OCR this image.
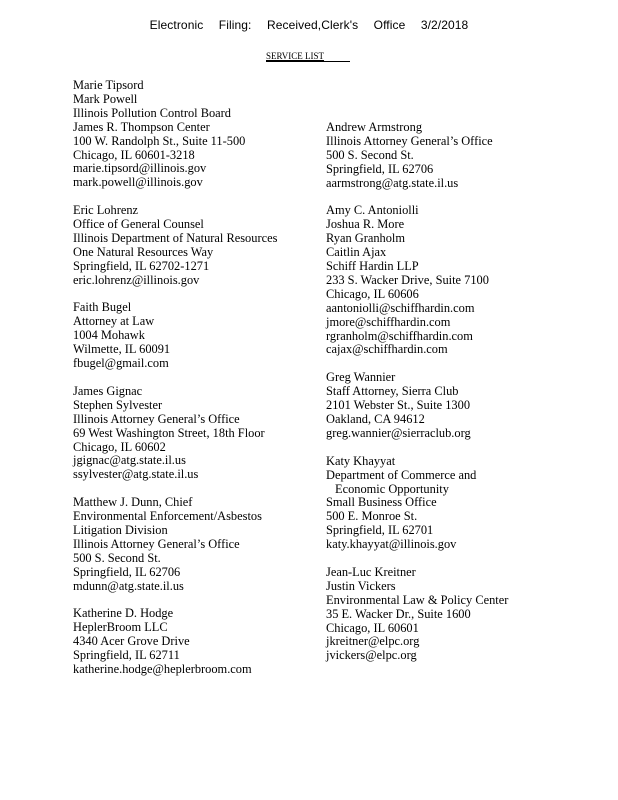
Electronic Filing: Received,Clerk's Office 3/2/2018
SERVICE LIST
Marie Tipsord
Mark Powell
Illinois Pollution Control Board
James R. Thompson Center
100 W. Randolph St., Suite 11-500
Chicago, IL 60601-3218
marie.tipsord@illinois.gov
mark.powell@illinois.gov
Eric Lohrenz
Office of General Counsel
Illinois Department of Natural Resources
One Natural Resources Way
Springfield, IL 62702-1271
eric.lohrenz@illinois.gov
Faith Bugel
Attorney at Law
1004 Mohawk
Wilmette, IL 60091
fbugel@gmail.com
James Gignac
Stephen Sylvester
Illinois Attorney General’s Office
69 West Washington Street, 18th Floor
Chicago, IL 60602
jgignac@atg.state.il.us
ssylvester@atg.state.il.us
Matthew J. Dunn, Chief
Environmental Enforcement/Asbestos
Litigation Division
Illinois Attorney General’s Office
500 S. Second St.
Springfield, IL 62706
mdunn@atg.state.il.us
Katherine D. Hodge
HeplerBroom LLC
4340 Acer Grove Drive
Springfield, IL 62711
katherine.hodge@heplerbroom.com
Andrew Armstrong
Illinois Attorney General’s Office
500 S. Second St.
Springfield, IL 62706
aarmstrong@atg.state.il.us
Amy C. Antoniolli
Joshua R. More
Ryan Granholm
Caitlin Ajax
Schiff Hardin LLP
233 S. Wacker Drive, Suite 7100
Chicago, IL 60606
aantoniolli@schiffhardin.com
jmore@schiffhardin.com
rgranholm@schiffhardin.com
cajax@schiffhardin.com
Greg Wannier
Staff Attorney, Sierra Club
2101 Webster St., Suite 1300
Oakland, CA 94612
greg.wannier@sierraclub.org
Katy Khayyat
Department of Commerce and
Economic Opportunity
Small Business Office
500 E. Monroe St.
Springfield, IL 62701
katy.khayyat@illinois.gov
Jean-Luc Kreitner
Justin Vickers
Environmental Law & Policy Center
35 E. Wacker Dr., Suite 1600
Chicago, IL 60601
jkreitner@elpc.org
jvickers@elpc.org
